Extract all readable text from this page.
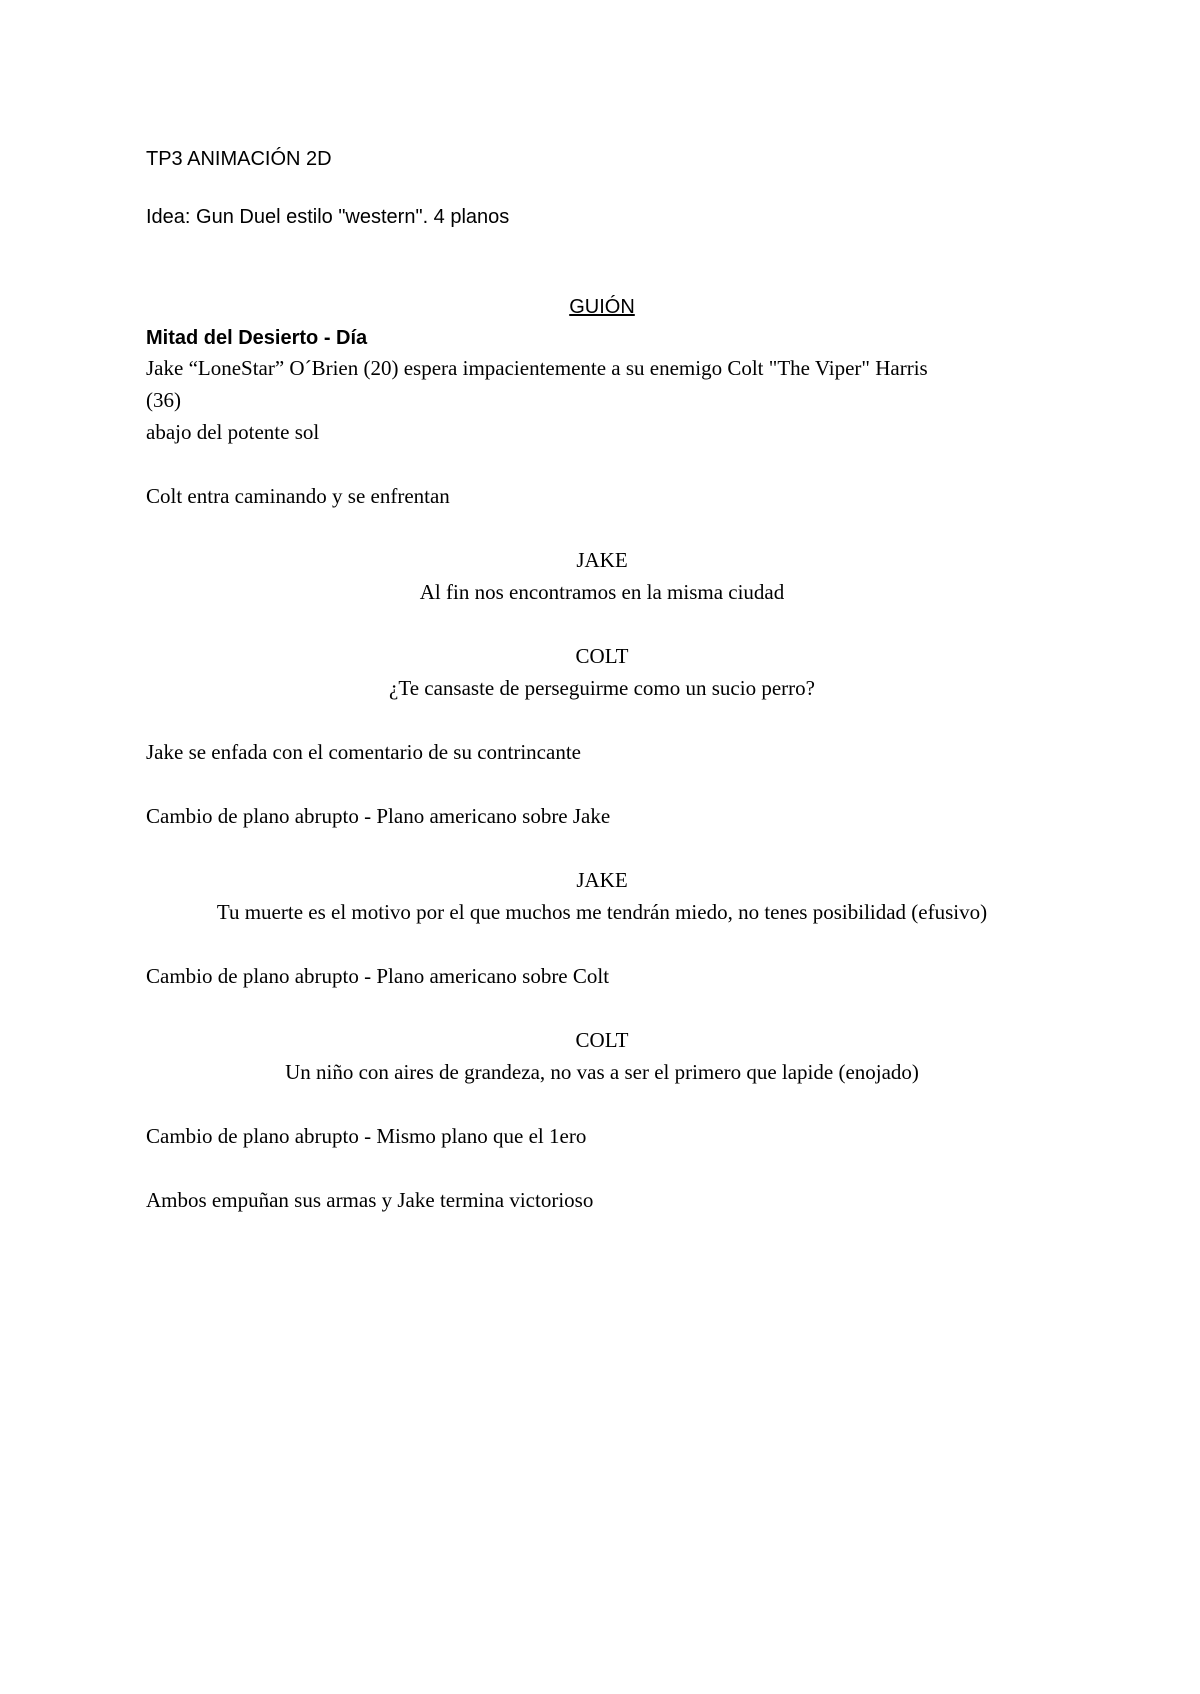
TP3 ANIMACIÓN 2D

Idea: Gun Duel estilo "western". 4 planos

GUIÓN

Mitad del Desierto - Día

Jake “LoneStar” O´Brien (20) espera impacientemente a su enemigo Colt "The Viper" Harris

(36)

abajo del potente sol

Colt entra caminando y se enfrentan

JAKE

Al fin nos encontramos en la misma ciudad

COLT

¿Te cansaste de perseguirme como un sucio perro?

Jake se enfada con el comentario de su contrincante

Cambio de plano abrupto - Plano americano sobre Jake

JAKE

Tu muerte es el motivo por el que muchos me tendrán miedo, no tenes posibilidad (efusivo)

Cambio de plano abrupto - Plano americano sobre Colt

COLT

Un niño con aires de grandeza, no vas a ser el primero que lapide (enojado)

Cambio de plano abrupto - Mismo plano que el 1ero

Ambos empuñan sus armas y Jake termina victorioso
